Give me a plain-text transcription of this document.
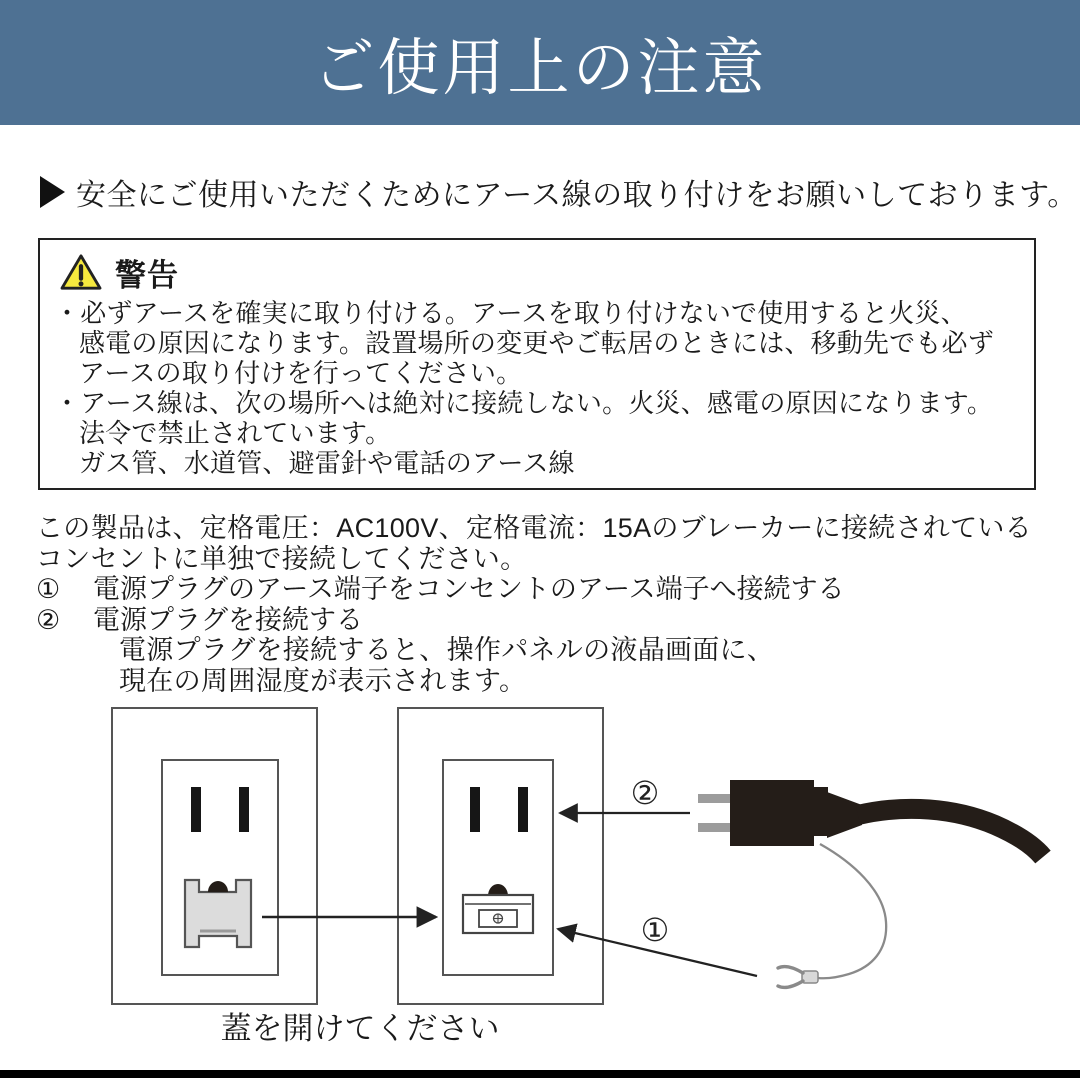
ご使用上の注意
安全にご使用いただくためにアース線の取り付けをお願いしております。
警告
・必ずアースを確実に取り付ける。アースを取り付けないで使用すると火災、
感電の原因になります。設置場所の変更やご転居のときには、移動先でも必ず
アースの取り付けを行ってください。
・アース線は、次の場所へは絶対に接続しない。火災、感電の原因になります。
法令で禁止されています。
ガス管、水道管、避雷針や電話のアース線
この製品は、定格電圧：AC100V、定格電流：15Aのブレーカーに接続されている
コンセントに単独で接続してください。
①	電源プラグのアース端子をコンセントのアース端子へ接続する
②	電源プラグを接続する
電源プラグを接続すると、操作パネルの液晶画面に、
現在の周囲湿度が表示されます。
②
①
蓋を開けてください
